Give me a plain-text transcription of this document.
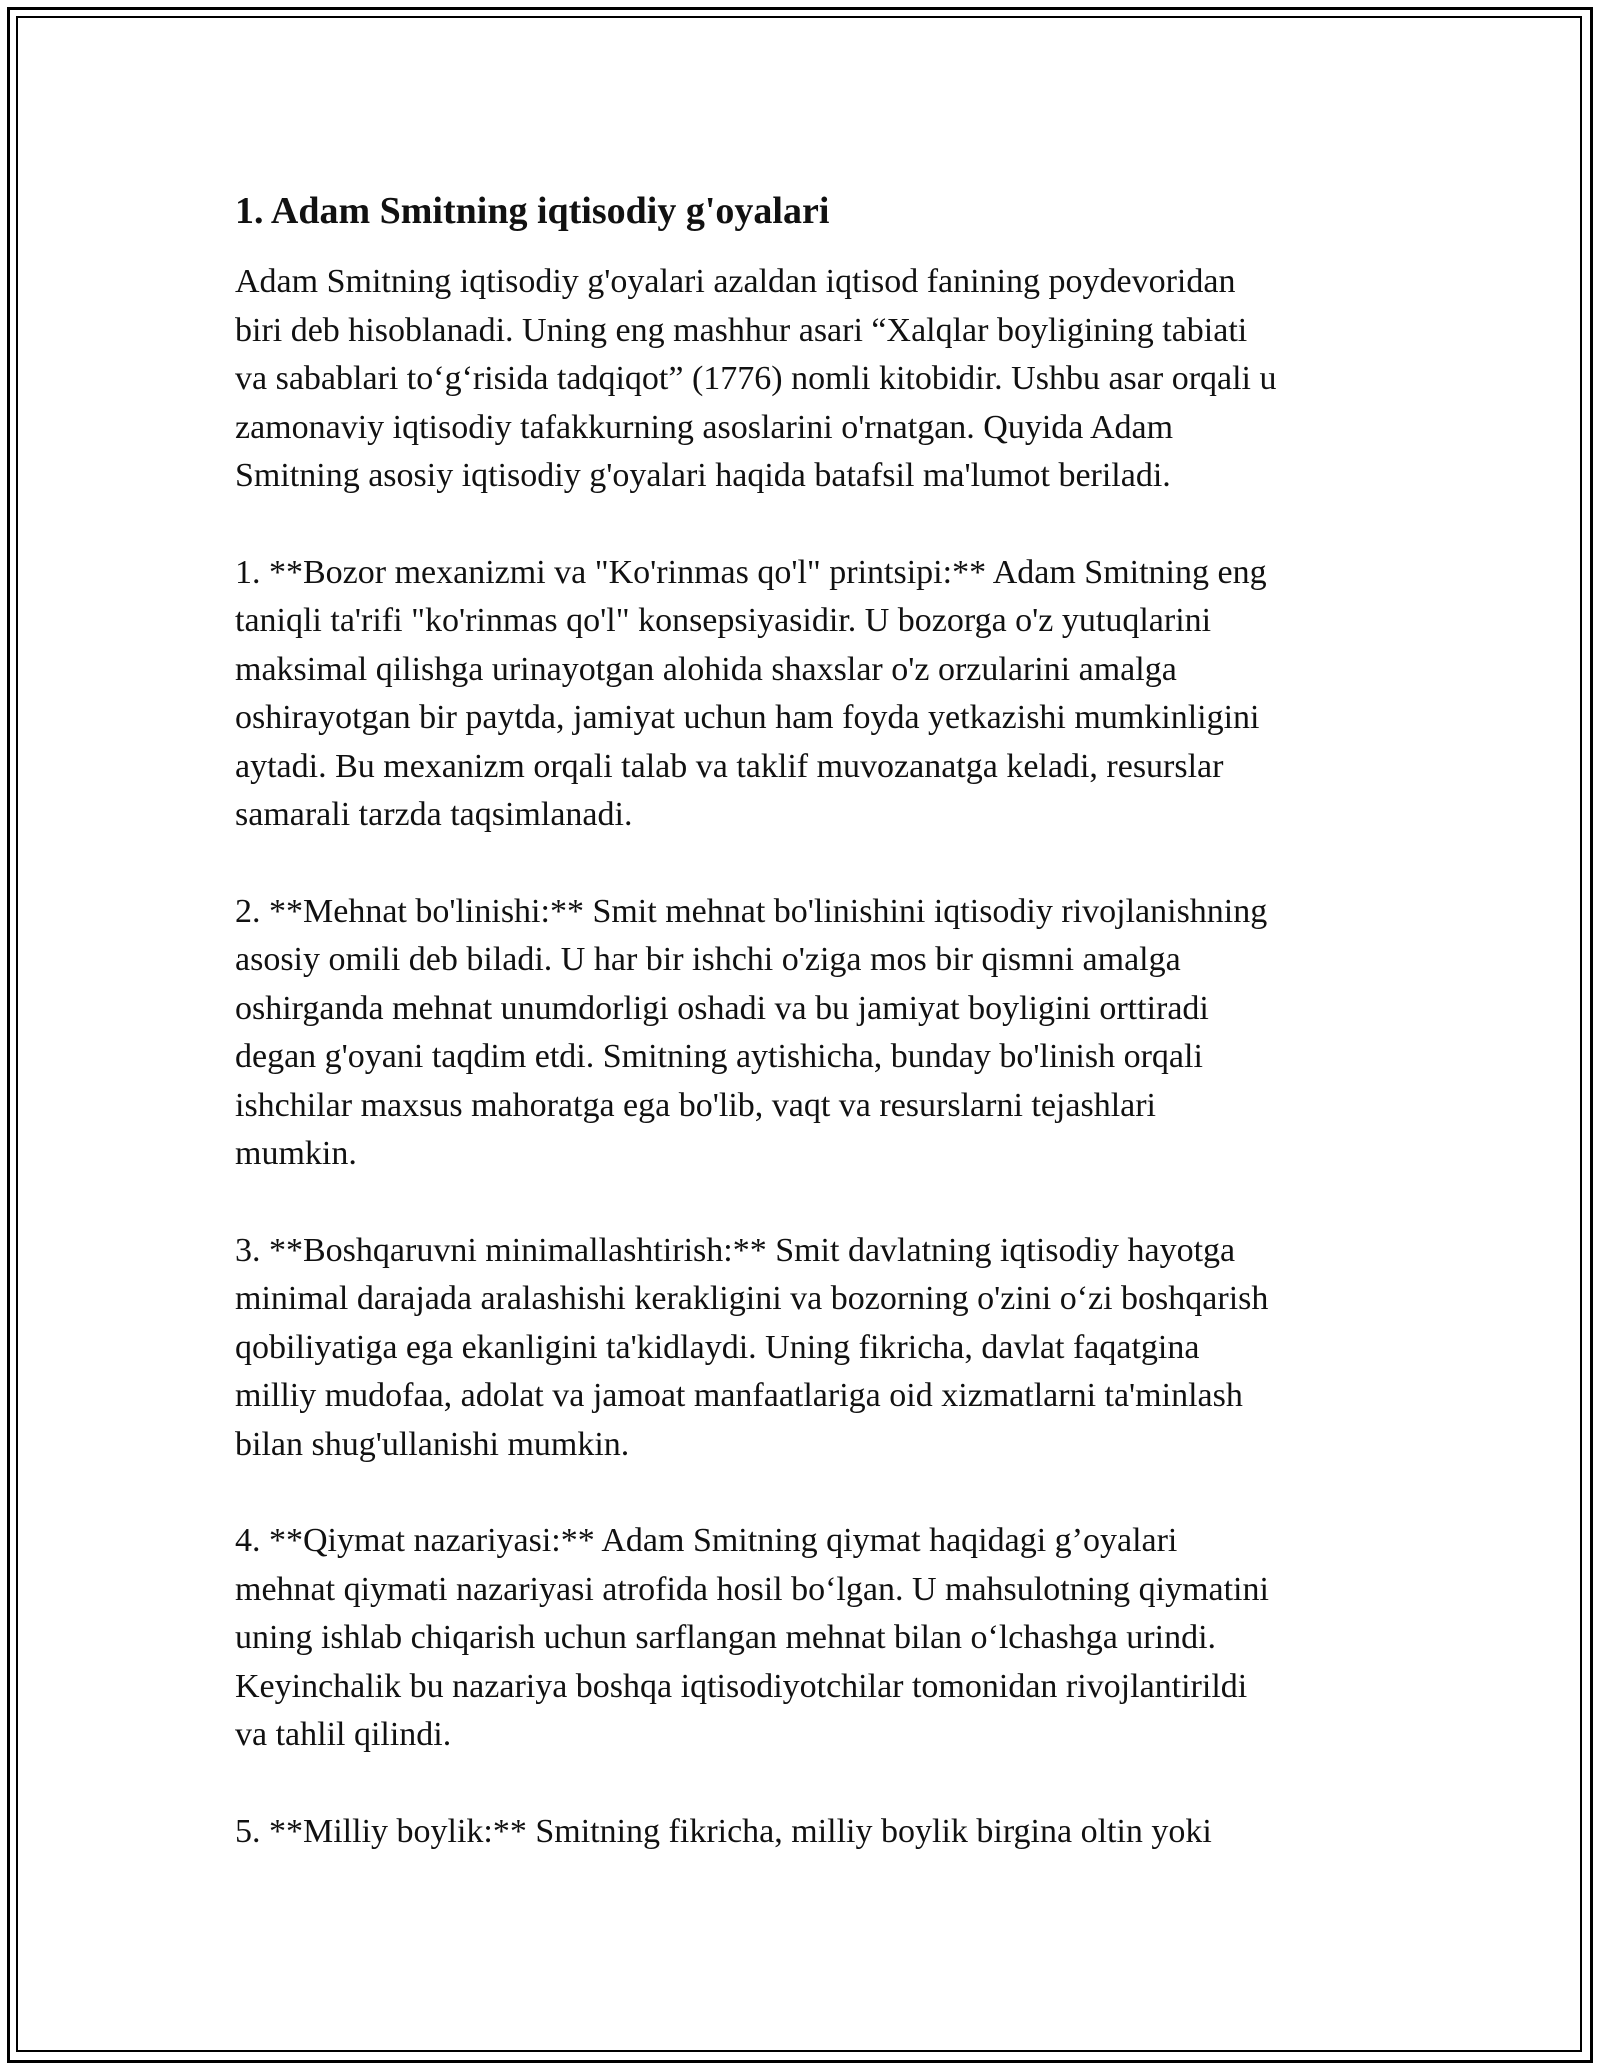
1. Adam Smitning iqtisodiy g'oyalari
Adam Smitning iqtisodiy g'oyalari azaldan iqtisod fanining poydevoridan
biri deb hisoblanadi. Uning eng mashhur asari “Xalqlar boyligining tabiati
va sabablari to‘g‘risida tadqiqot” (1776) nomli kitobidir. Ushbu asar orqali u
zamonaviy iqtisodiy tafakkurning asoslarini o'rnatgan. Quyida Adam
Smitning asosiy iqtisodiy g'oyalari haqida batafsil ma'lumot beriladi.
1. **Bozor mexanizmi va "Ko'rinmas qo'l" printsipi:** Adam Smitning eng
taniqli ta'rifi "ko'rinmas qo'l" konsepsiyasidir. U bozorga o'z yutuqlarini
maksimal qilishga urinayotgan alohida shaxslar o'z orzularini amalga
oshirayotgan bir paytda, jamiyat uchun ham foyda yetkazishi mumkinligini
aytadi. Bu mexanizm orqali talab va taklif muvozanatga keladi, resurslar
samarali tarzda taqsimlanadi.
2. **Mehnat bo'linishi:** Smit mehnat bo'linishini iqtisodiy rivojlanishning
asosiy omili deb biladi. U har bir ishchi o'ziga mos bir qismni amalga
oshirganda mehnat unumdorligi oshadi va bu jamiyat boyligini orttiradi
degan g'oyani taqdim etdi. Smitning aytishicha, bunday bo'linish orqali
ishchilar maxsus mahoratga ega bo'lib, vaqt va resurslarni tejashlari
mumkin.
3. **Boshqaruvni minimallashtirish:** Smit davlatning iqtisodiy hayotga
minimal darajada aralashishi kerakligini va bozorning o'zini o‘zi boshqarish
qobiliyatiga ega ekanligini ta'kidlaydi. Uning fikricha, davlat faqatgina
milliy mudofaa, adolat va jamoat manfaatlariga oid xizmatlarni ta'minlash
bilan shug'ullanishi mumkin.
4. **Qiymat nazariyasi:** Adam Smitning qiymat haqidagi g’oyalari
mehnat qiymati nazariyasi atrofida hosil bo‘lgan. U mahsulotning qiymatini
uning ishlab chiqarish uchun sarflangan mehnat bilan o‘lchashga urindi.
Keyinchalik bu nazariya boshqa iqtisodiyotchilar tomonidan rivojlantirildi
va tahlil qilindi.
5. **Milliy boylik:** Smitning fikricha, milliy boylik birgina oltin yoki
